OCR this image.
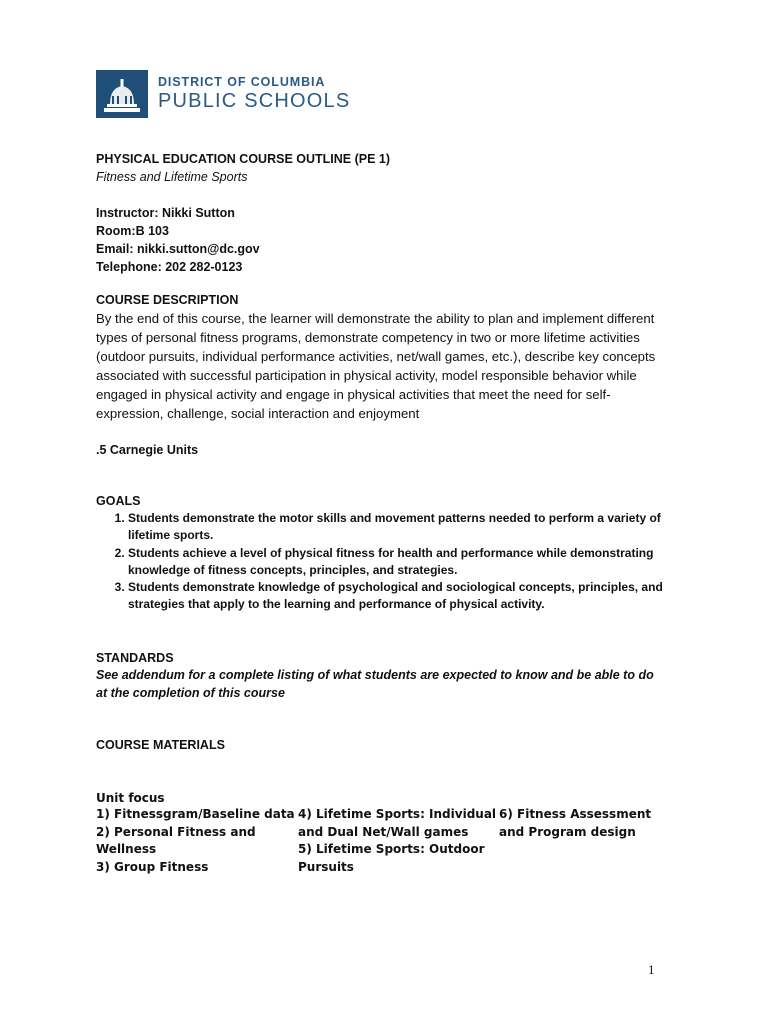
DISTRICT OF COLUMBIA
PUBLIC SCHOOLS
PHYSICAL EDUCATION COURSE OUTLINE (PE 1)
Fitness and Lifetime Sports
Instructor: Nikki Sutton
Room:B 103
Email: nikki.sutton@dc.gov
Telephone: 202 282-0123
COURSE DESCRIPTION
By the end of this course, the learner will demonstrate the ability to plan and implement different types of personal fitness programs, demonstrate competency in two or more lifetime activities (outdoor pursuits, individual performance activities, net/wall games, etc.), describe key concepts associated with successful participation in physical activity, model responsible behavior while engaged in physical activity and engage in physical activities that meet the need for self-expression, challenge, social interaction and enjoyment
.5 Carnegie Units
GOALS
1. Students demonstrate the motor skills and movement patterns needed to perform a variety of lifetime sports.
2. Students achieve a level of physical fitness for health and performance while demonstrating knowledge of fitness concepts, principles, and strategies.
3. Students demonstrate knowledge of psychological and sociological concepts, principles, and strategies that apply to the learning and performance of physical activity.
STANDARDS
See addendum for a complete listing of what students are expected to know and be able to do at the completion of this course
COURSE MATERIALS
Unit focus
1) Fitnessgram/Baseline data
2) Personal Fitness and Wellness
3) Group Fitness
4) Lifetime Sports: Individual and Dual Net/Wall games
5) Lifetime Sports: Outdoor Pursuits
6) Fitness Assessment and Program design
1
